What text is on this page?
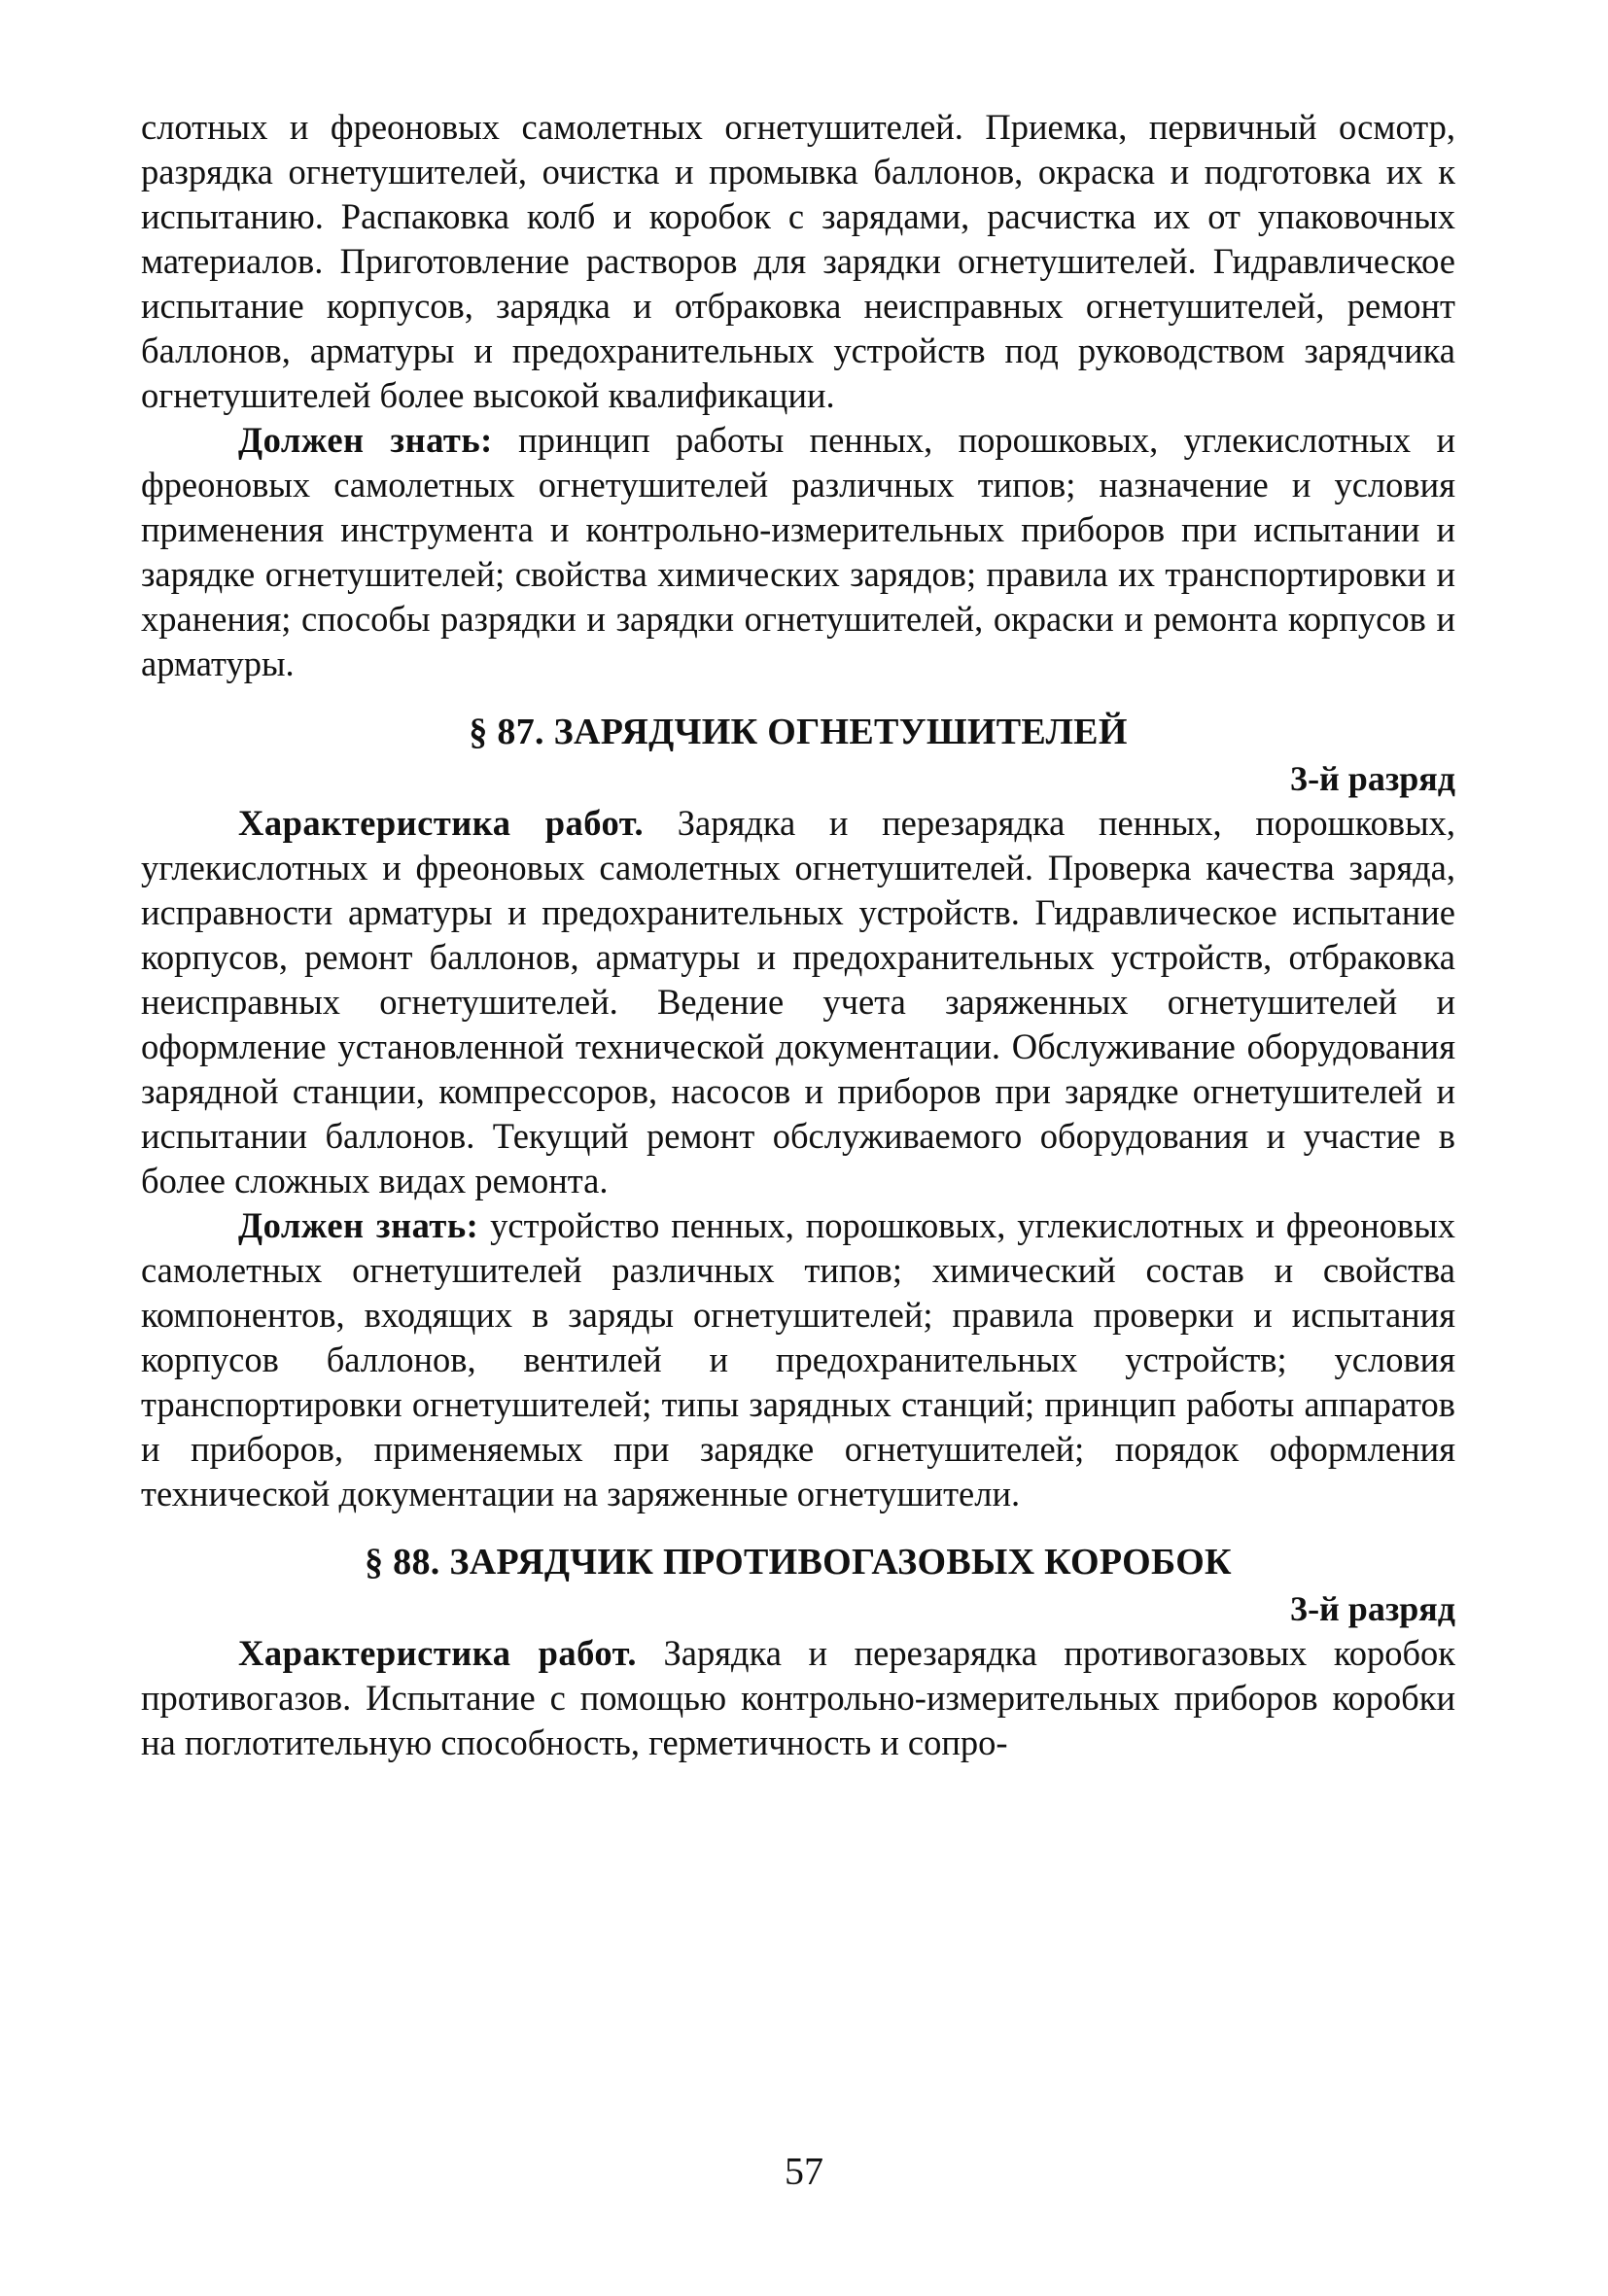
слотных и фреоновых самолетных огнетушителей. Приемка, первичный осмотр, разрядка огнетушителей, очистка и промывка баллонов, окраска и подготовка их к испытанию. Распаковка колб и коробок с зарядами, расчистка их от упаковочных материалов. Приготовление растворов для зарядки огнетушителей. Гидравлическое испытание корпусов, зарядка и отбраковка неисправных огнетушителей, ремонт баллонов, арматуры и предохранительных устройств под руководством зарядчика огнетушителей более высокой квалификации.

Должен знать: принцип работы пенных, порошковых, углекислотных и фреоновых самолетных огнетушителей различных типов; назначение и условия применения инструмента и контрольно-измерительных приборов при испытании и зарядке огнетушителей; свойства химических зарядов; правила их транспортировки и хранения; способы разрядки и зарядки огнетушителей, окраски и ремонта корпусов и арматуры.

§ 87. ЗАРЯДЧИК ОГНЕТУШИТЕЛЕЙ
3-й разряд

Характеристика работ. Зарядка и перезарядка пенных, порошковых, углекислотных и фреоновых самолетных огнетушителей. Проверка качества заряда, исправности арматуры и предохранительных устройств. Гидравлическое испытание корпусов, ремонт баллонов, арматуры и предохранительных устройств, отбраковка неисправных огнетушителей. Ведение учета заряженных огнетушителей и оформление установленной технической документации. Обслуживание оборудования зарядной станции, компрессоров, насосов и приборов при зарядке огнетушителей и испытании баллонов. Текущий ремонт обслуживаемого оборудования и участие в более сложных видах ремонта.

Должен знать: устройство пенных, порошковых, углекислотных и фреоновых самолетных огнетушителей различных типов; химический состав и свойства компонентов, входящих в заряды огнетушителей; правила проверки и испытания корпусов баллонов, вентилей и предохранительных устройств; условия транспортировки огнетушителей; типы зарядных станций; принцип работы аппаратов и приборов, применяемых при зарядке огнетушителей; порядок оформления технической документации на заряженные огнетушители.

§ 88. ЗАРЯДЧИК ПРОТИВОГАЗОВЫХ КОРОБОК
3-й разряд

Характеристика работ. Зарядка и перезарядка противогазовых коробок противогазов. Испытание с помощью контрольно-измерительных приборов коробки на поглотительную способность, герметичность и сопро-

57
